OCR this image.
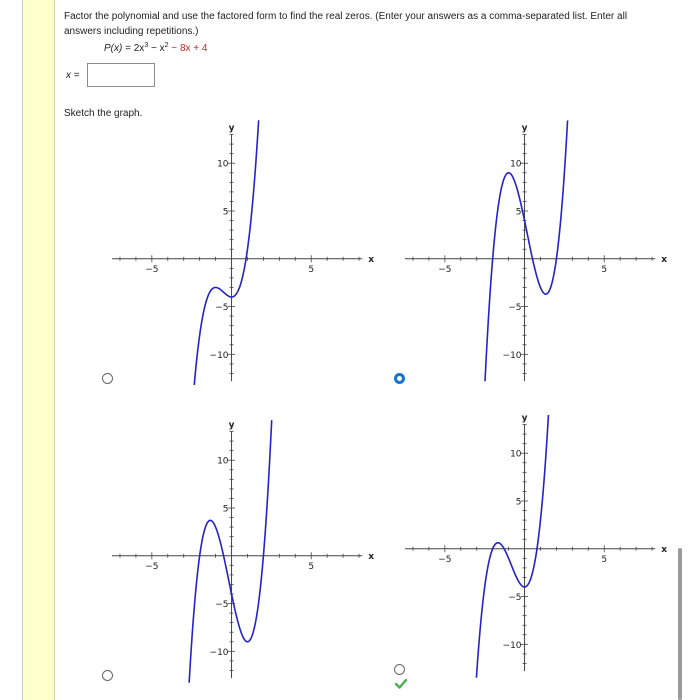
Factor the polynomial and use the factored form to find the real zeros. (Enter your answers as a comma-separated list. Enter all answers including repetitions.)
$P(x) = 2x^3 - x^2 - 8x + 4$
x =
Sketch the graph.
−5	5
10
5
−5
−10
x
y
−5	5
10
5
−5
−10
x
y
−5	5
10
5
−5
−10
x
y
−5	5
10
5
−5
−10
x
y
